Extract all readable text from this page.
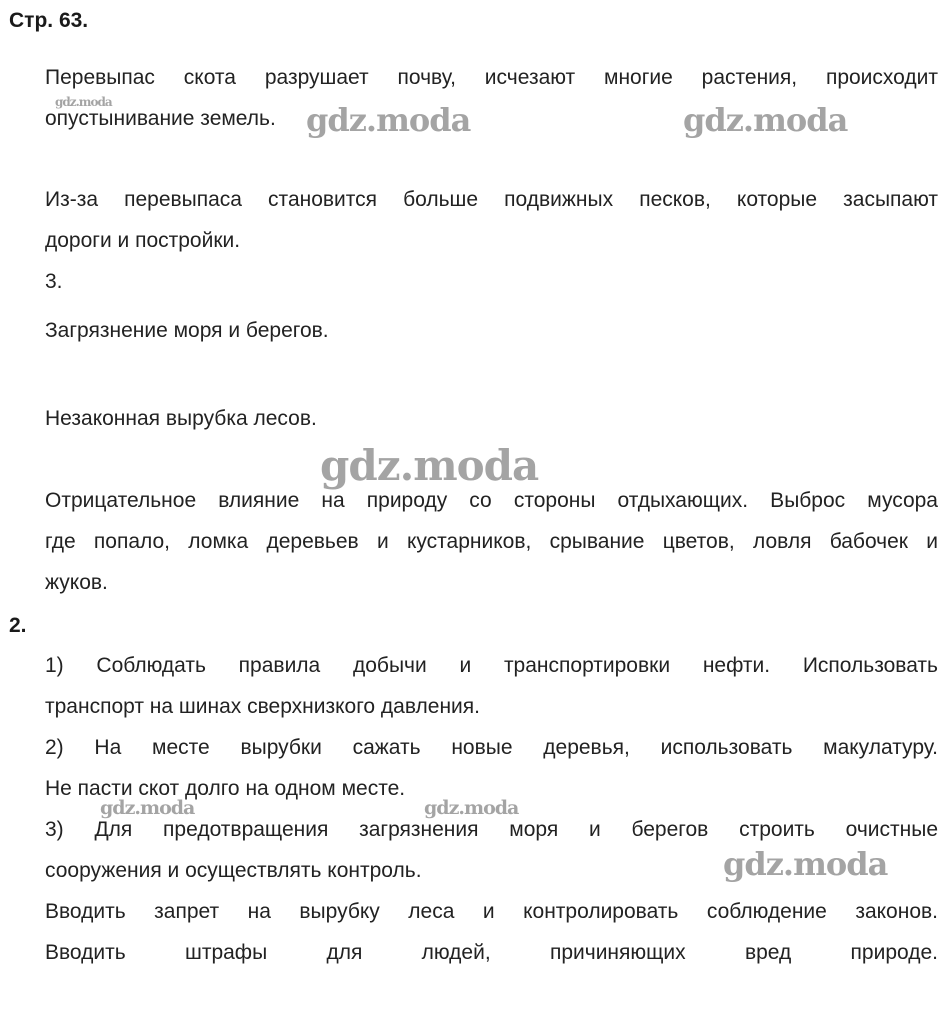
Стр. 63.

Перевыпас скота разрушает почву, исчезают многие растения, происходит

опустынивание земель.

Из-за перевыпаса становится больше подвижных песков, которые засыпают

дороги и постройки.

3.

Загрязнение моря и берегов.

Незаконная вырубка лесов.

Отрицательное влияние на природу со стороны отдыхающих. Выброс мусора

где попало, ломка деревьев и кустарников, срывание цветов, ловля бабочек и

жуков.

2.

1) Соблюдать правила добычи и транспортировки нефти. Использовать

транспорт на шинах сверхнизкого давления.

2) На месте вырубки сажать новые деревья, использовать макулатуру.

Не пасти скот долго на одном месте.

3) Для предотвращения загрязнения моря и берегов строить очистные

сооружения и осуществлять контроль.

Вводить запрет на вырубку леса и контролировать соблюдение законов.

Вводить штрафы для людей, причиняющих вред природе.

gdz.moda	gdz.moda	gdz.moda
gdz.moda
gdz.moda	gdz.moda
gdz.moda
